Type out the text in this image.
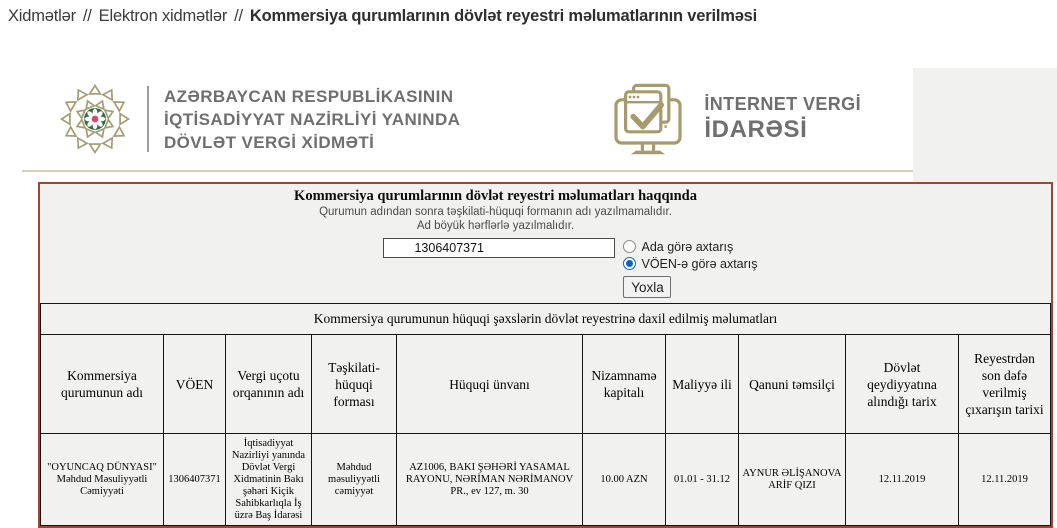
Xidmətlər // Elektron xidmətlər // Kommersiya qurumlarının dövlət reyestri məlumatlarının verilməsi
AZƏRBAYCAN RESPUBLİKASININ
İQTİSADİYYAT NAZİRLİYİ YANINDA
DÖVLƏT VERGİ XİDMƏTİ
İNTERNET VERGİ
İDARƏSİ
Kommersiya qurumlarının dövlət reyestri məlumatları haqqında
Qurumun adından sonra təşkilati-hüquqi formanın adı yazılmamalıdır.
Ad böyük hərflərlə yazılmalıdır.
1306407371
Ada görə axtarış
VÖEN-ə görə axtarış
Yoxla
Kommersiya qurumunun hüquqi şəxslərin dövlət reyestrinə daxil edilmiş məlumatları									
Kommersiya qurumunun adı	VÖEN	Vergi uçotu orqanının adı	Təşkilati-hüquqi forması	Hüquqi ünvanı	Nizamnamə kapitalı	Maliyyə ili	Qanuni təmsilçi	Dövlət qeydiyyatına alındığı tarix	Reyestrdən son dəfə verilmiş çıxarışın tarixi
"OYUNCAQ DÜNYASI" Məhdud Məsuliyyətli Cəmiyyəti	1306407371	İqtisadiyyat Nazirliyi yanında Dövlət Vergi Xidmətinin Bakı şəhəri Kiçik Sahibkarlıqla İş üzrə Baş İdarəsi	Məhdud məsuliyyətli cəmiyyət	AZ1006, BAKI ŞƏHƏRİ YASAMAL RAYONU, NƏRİMAN NƏRİMANOV PR., ev 127, m. 30	10.00 AZN	01.01 - 31.12	AYNUR ƏLİŞANOVA ARİF QIZI	12.11.2019	12.11.2019
